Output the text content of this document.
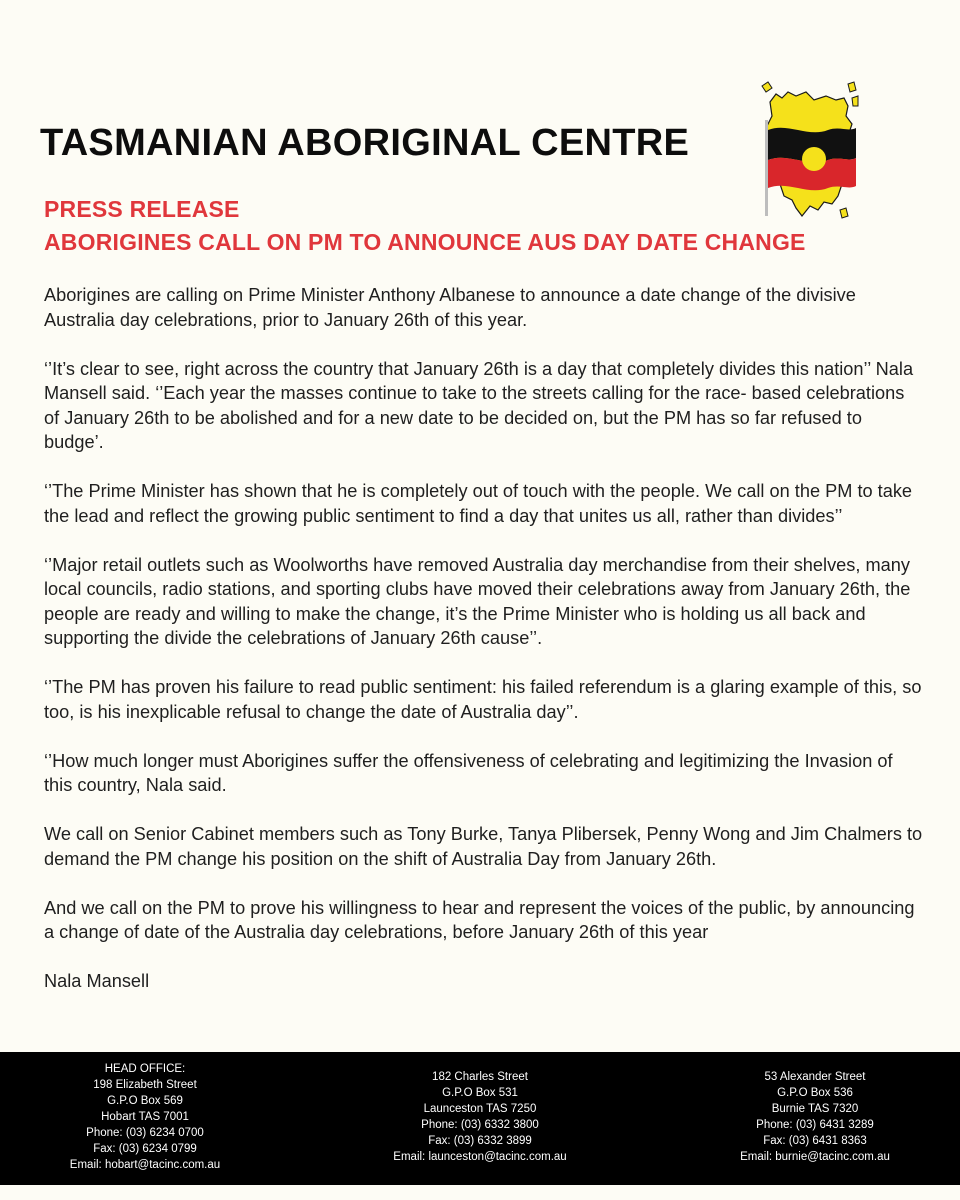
TASMANIAN ABORIGINAL CENTRE
PRESS RELEASE
ABORIGINES CALL ON PM TO ANNOUNCE AUS DAY DATE CHANGE

Aborigines are calling on Prime Minister Anthony Albanese to announce a date change of the divisive Australia day celebrations, prior to January 26th of this year.

‘’It’s clear to see, right across the country that January 26th is a day that completely divides this nation’’ Nala Mansell said. ‘’Each year the masses continue to take to the streets calling for the race- based celebrations of January 26th to be abolished and for a new date to be decided on, but the PM has so far refused to budge’.

‘’The Prime Minister has shown that he is completely out of touch with the people. We call on the PM to take the lead and reflect the growing public sentiment to find a day that unites us all, rather than divides’’

‘’Major retail outlets such as Woolworths have removed Australia day merchandise from their shelves, many local councils, radio stations, and sporting clubs have moved their celebrations away from January 26th, the people are ready and willing to make the change, it’s the Prime Minister who is holding us all back and supporting the divide the celebrations of January 26th cause’’.

‘’The PM has proven his failure to read public sentiment: his failed referendum is a glaring example of this, so too, is his inexplicable refusal to change the date of Australia day’’.

‘’How much longer must Aborigines suffer the offensiveness of celebrating and legitimizing the Invasion of this country, Nala said.

We call on Senior Cabinet members such as Tony Burke, Tanya Plibersek, Penny Wong and Jim Chalmers to demand the PM change his position on the shift of Australia Day from January 26th.

And we call on the PM to prove his willingness to hear and represent the voices of the public, by announcing a change of date of the Australia day celebrations, before January 26th of this year

Nala Mansell

HEAD OFFICE:
198 Elizabeth Street
G.P.O Box 569
Hobart TAS 7001
Phone: (03) 6234 0700
Fax: (03) 6234 0799
Email: hobart@tacinc.com.au
182 Charles Street
G.P.O Box 531
Launceston TAS 7250
Phone: (03) 6332 3800
Fax: (03) 6332 3899
Email: launceston@tacinc.com.au
53 Alexander Street
G.P.O Box 536
Burnie TAS 7320
Phone: (03) 6431 3289
Fax: (03) 6431 8363
Email: burnie@tacinc.com.au
